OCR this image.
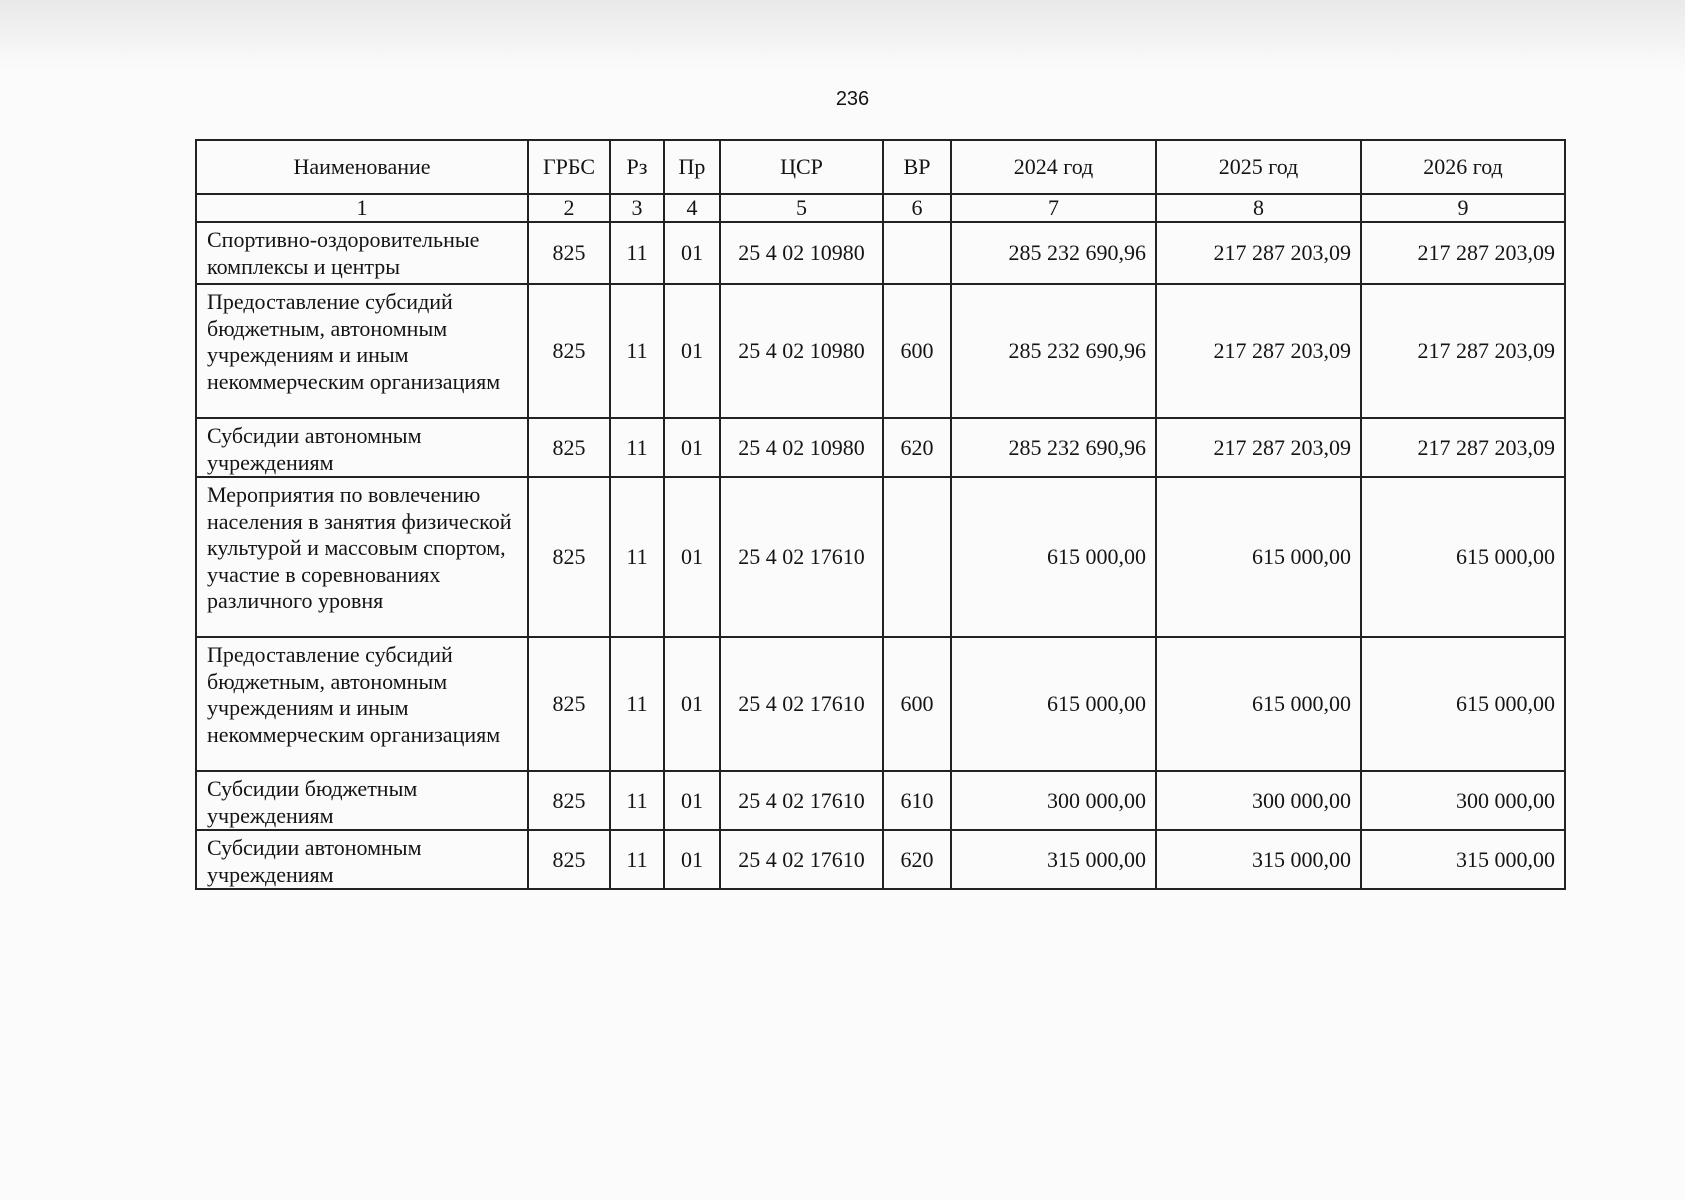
236
Наименование	ГРБС	Рз	Пр	ЦСР	ВР	2024 год	2025 год	2026 год
1	2	3	4	5	6	7	8	9
Спортивно-оздоровительные комплексы и центры	825	11	01	25 4 02 10980		285 232 690,96	217 287 203,09	217 287 203,09
Предоставление субсидий бюджетным, автономным учреждениям и иным некоммерческим организациям	825	11	01	25 4 02 10980	600	285 232 690,96	217 287 203,09	217 287 203,09
Субсидии автономным учреждениям	825	11	01	25 4 02 10980	620	285 232 690,96	217 287 203,09	217 287 203,09
Мероприятия по вовлечению населения в занятия физической культурой и массовым спортом, участие в соревнованиях различного уровня	825	11	01	25 4 02 17610		615 000,00	615 000,00	615 000,00
Предоставление субсидий бюджетным, автономным учреждениям и иным некоммерческим организациям	825	11	01	25 4 02 17610	600	615 000,00	615 000,00	615 000,00
Субсидии бюджетным учреждениям	825	11	01	25 4 02 17610	610	300 000,00	300 000,00	300 000,00
Субсидии автономным учреждениям	825	11	01	25 4 02 17610	620	315 000,00	315 000,00	315 000,00
